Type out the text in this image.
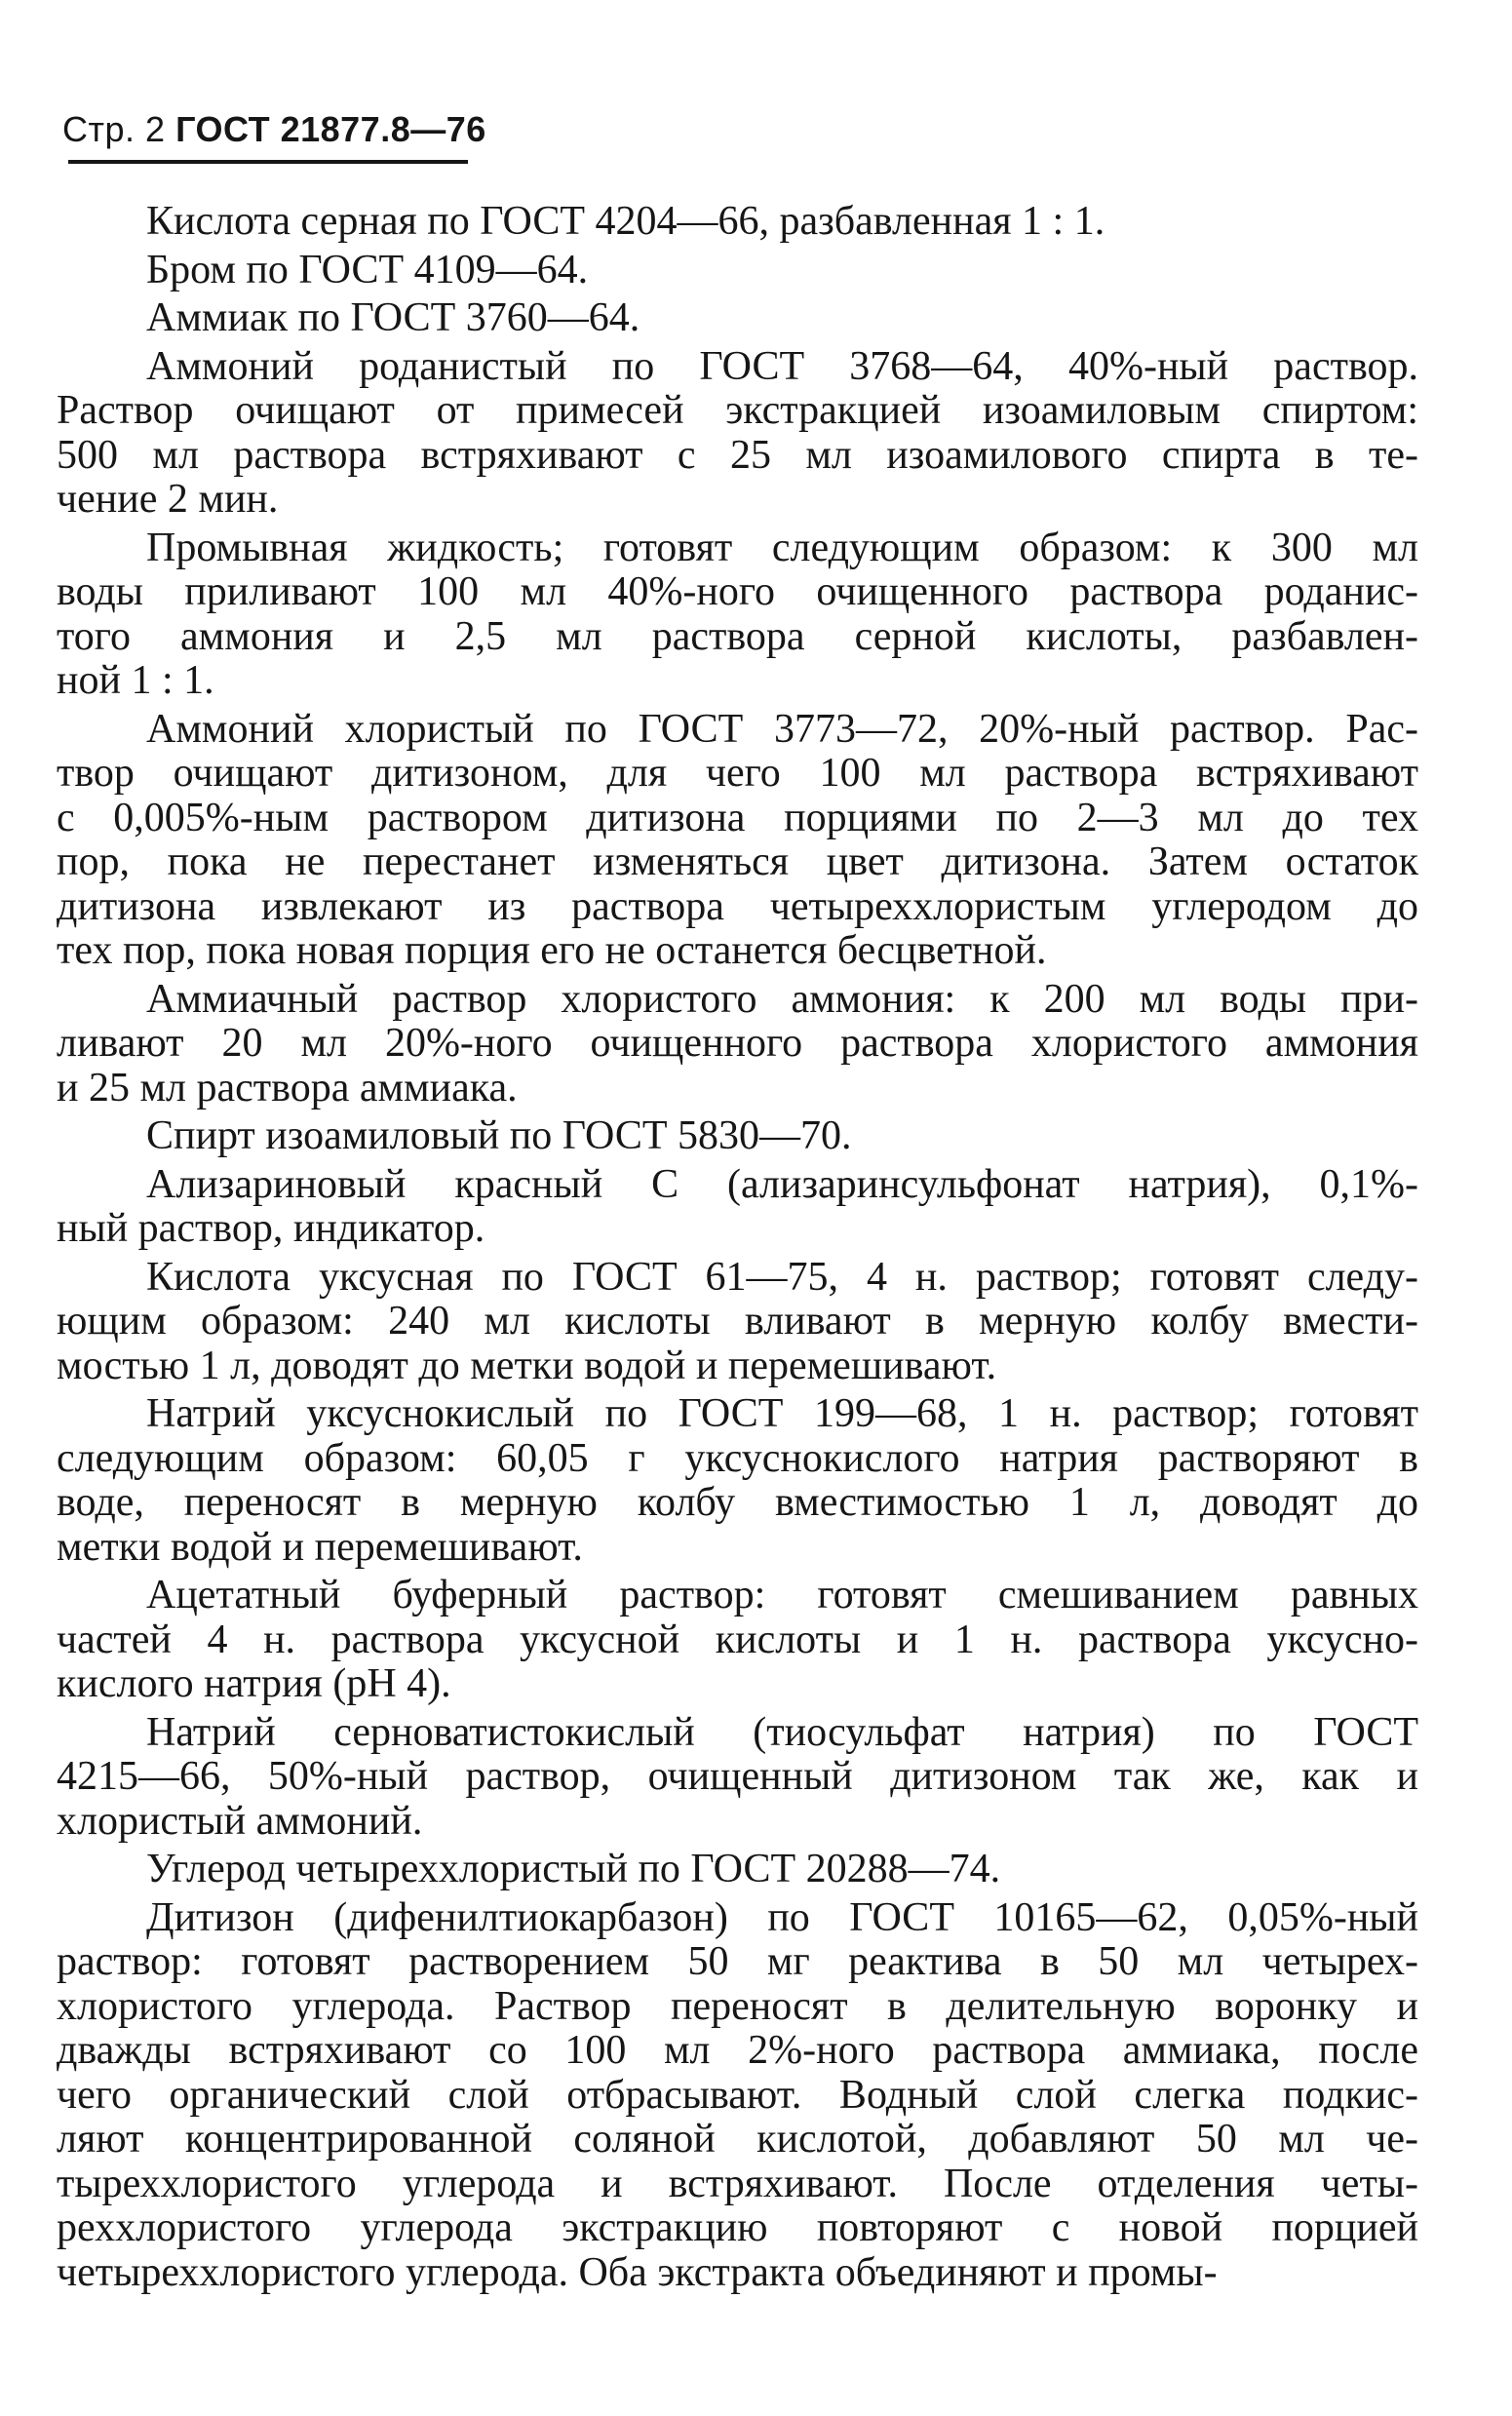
Стр. 2 ГОСТ 21877.8—76
Кислота серная по ГОСТ 4204—66, разбавленная 1 : 1.
Бром по ГОСТ 4109—64.
Аммиак по ГОСТ 3760—64.
Аммоний роданистый по ГОСТ 3768—64, 40%-ный раствор.
Раствор очищают от примесей экстракцией изоамиловым спиртом:
500 мл раствора встряхивают с 25 мл изоамилового спирта в те-
чение 2 мин.
Промывная жидкость; готовят следующим образом: к 300 мл
воды приливают 100 мл 40%-ного очищенного раствора роданис-
того аммония и 2,5 мл раствора серной кислоты, разбавлен-
ной 1 : 1.
Аммоний хлористый по ГОСТ 3773—72, 20%-ный раствор. Рас-
твор очищают дитизоном, для чего 100 мл раствора встряхивают
с 0,005%-ным раствором дитизона порциями по 2—3 мл до тех
пор, пока не перестанет изменяться цвет дитизона. Затем остаток
дитизона извлекают из раствора четыреххлористым углеродом до
тех пор, пока новая порция его не останется бесцветной.
Аммиачный раствор хлористого аммония: к 200 мл воды при-
ливают 20 мл 20%-ного очищенного раствора хлористого аммония
и 25 мл раствора аммиака.
Спирт изоамиловый по ГОСТ 5830—70.
Ализариновый красный С (ализаринсульфонат натрия), 0,1%-
ный раствор, индикатор.
Кислота уксусная по ГОСТ 61—75, 4 н. раствор; готовят следу-
ющим образом: 240 мл кислоты вливают в мерную колбу вмести-
мостью 1 л, доводят до метки водой и перемешивают.
Натрий уксуснокислый по ГОСТ 199—68, 1 н. раствор; готовят
следующим образом: 60,05 г уксуснокислого натрия растворяют в
воде, переносят в мерную колбу вместимостью 1 л, доводят до
метки водой и перемешивают.
Ацетатный буферный раствор: готовят смешиванием равных
частей 4 н. раствора уксусной кислоты и 1 н. раствора уксусно-
кислого натрия (pH 4).
Натрий серноватистокислый (тиосульфат натрия) по ГОСТ
4215—66, 50%-ный раствор, очищенный дитизоном так же, как и
хлористый аммоний.
Углерод четыреххлористый по ГОСТ 20288—74.
Дитизон (дифенилтиокарбазон) по ГОСТ 10165—62, 0,05%-ный
раствор: готовят растворением 50 мг реактива в 50 мл четырех-
хлористого углерода. Раствор переносят в делительную воронку и
дважды встряхивают со 100 мл 2%-ного раствора аммиака, после
чего органический слой отбрасывают. Водный слой слегка подкис-
ляют концентрированной соляной кислотой, добавляют 50 мл че-
тыреххлористого углерода и встряхивают. После отделения четы-
реххлористого углерода экстракцию повторяют с новой порцией
четыреххлористого углерода. Оба экстракта объединяют и промы-
